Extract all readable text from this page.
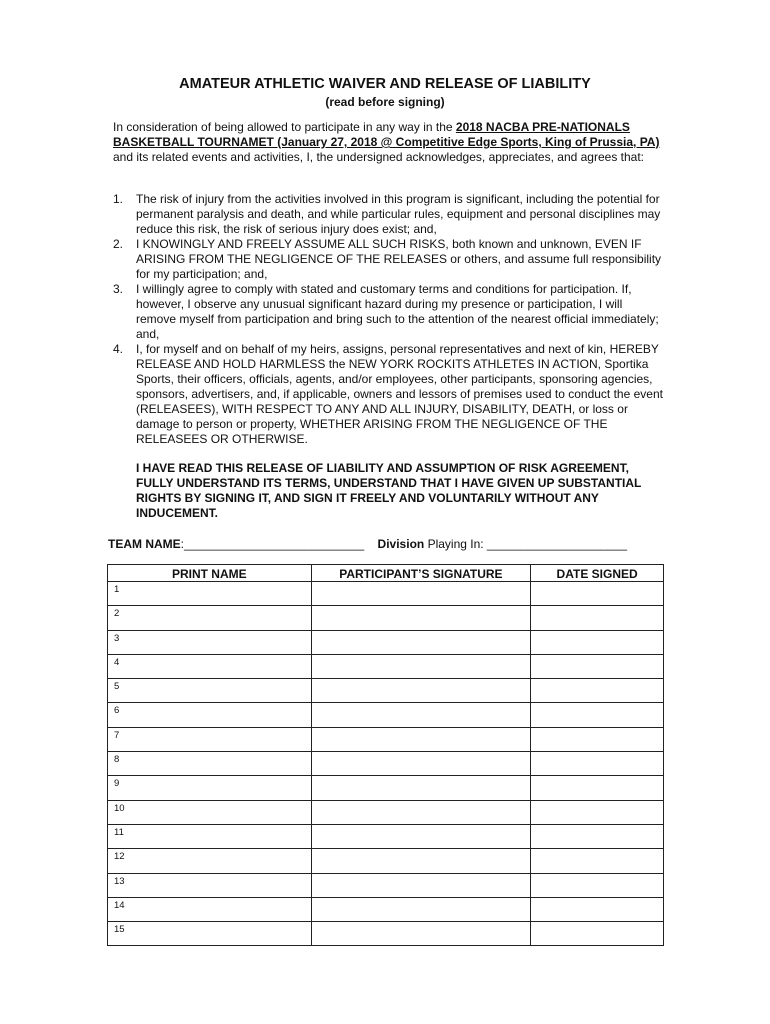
AMATEUR ATHLETIC WAIVER AND RELEASE OF LIABILITY
(read before signing)
In consideration of being allowed to participate in any way in the 2018 NACBA PRE-NATIONALS BASKETBALL TOURNAMET (January 27, 2018 @ Competitive Edge Sports, King of Prussia, PA) and its related events and activities, I, the undersigned acknowledges, appreciates, and agrees that:
1. The risk of injury from the activities involved in this program is significant, including the potential for permanent paralysis and death, and while particular rules, equipment and personal disciplines may reduce this risk, the risk of serious injury does exist; and,
2. I KNOWINGLY AND FREELY ASSUME ALL SUCH RISKS, both known and unknown, EVEN IF ARISING FROM THE NEGLIGENCE OF THE RELEASES or others, and assume full responsibility for my participation; and,
3. I willingly agree to comply with stated and customary terms and conditions for participation. If, however, I observe any unusual significant hazard during my presence or participation, I will remove myself from participation and bring such to the attention of the nearest official immediately; and,
4. I, for myself and on behalf of my heirs, assigns, personal representatives and next of kin, HEREBY RELEASE AND HOLD HARMLESS the NEW YORK ROCKITS ATHLETES IN ACTION, Sportika Sports, their officers, officials, agents, and/or employees, other participants, sponsoring agencies, sponsors, advertisers, and, if applicable, owners and lessors of premises used to conduct the event (RELEASEES), WITH RESPECT TO ANY AND ALL INJURY, DISABILITY, DEATH, or loss or damage to person or property, WHETHER ARISING FROM THE NEGLIGENCE OF THE RELEASEES OR OTHERWISE.
I HAVE READ THIS RELEASE OF LIABILITY AND ASSUMPTION OF RISK AGREEMENT, FULLY UNDERSTAND ITS TERMS, UNDERSTAND THAT I HAVE GIVEN UP SUBSTANTIAL RIGHTS BY SIGNING IT, AND SIGN IT FREELY AND VOLUNTARILY WITHOUT ANY INDUCEMENT.
TEAM NAME:___________________________ Division Playing In: _____________________
PRINT NAME	PARTICIPANT’S SIGNATURE	DATE SIGNED

1		

2		

3		

4		

5		

6		

7		

8		

9		

10		

11		

12		

13		

14		

15		
